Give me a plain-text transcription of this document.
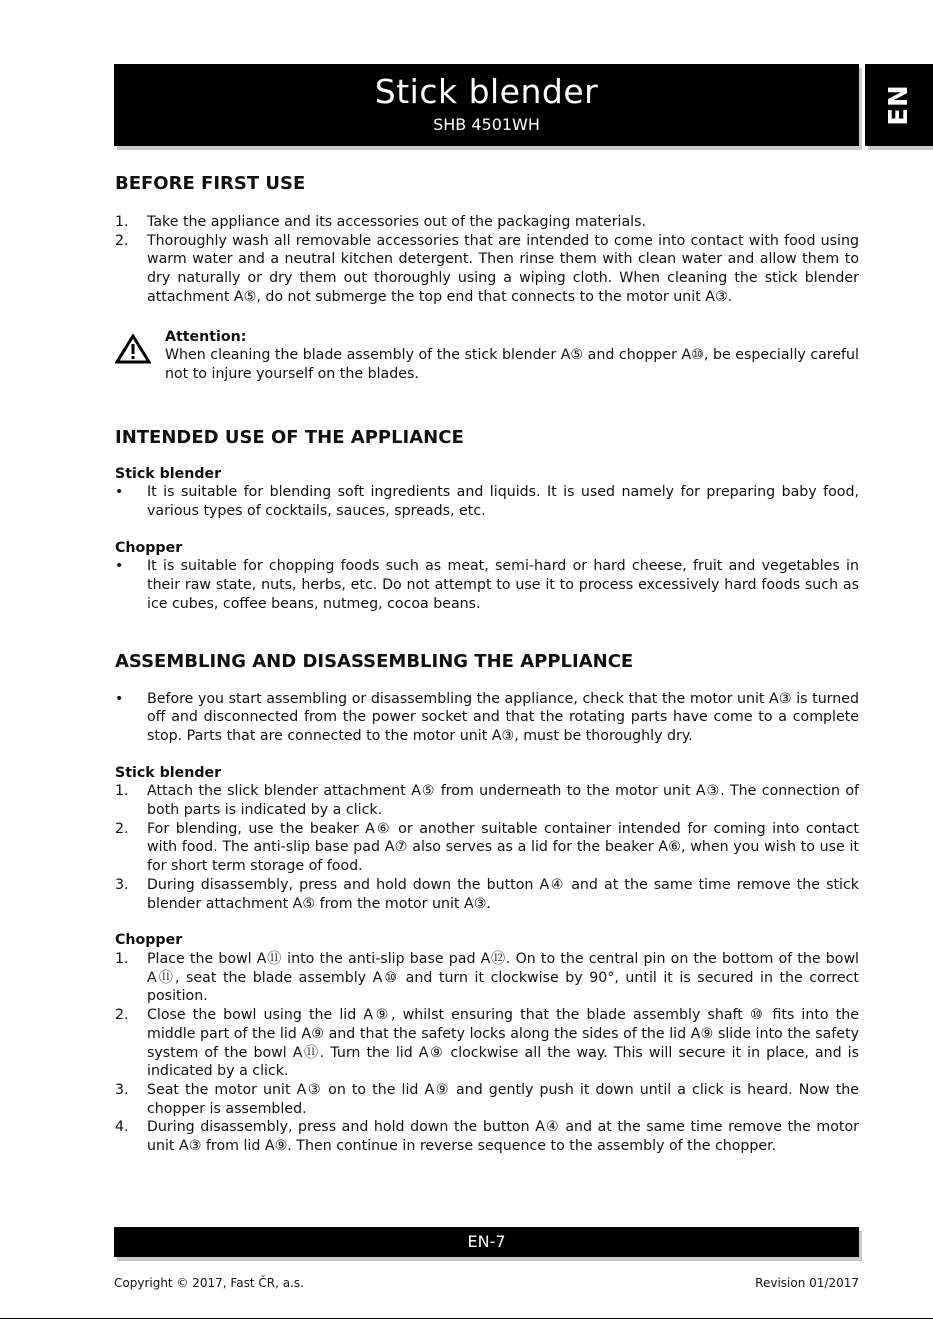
Stick blender
SHB 4501WH	EN
BEFORE FIRST USE
1. Take the appliance and its accessories out of the packaging materials.
2. Thoroughly wash all removable accessories that are intended to come into contact with food using warm water and a neutral kitchen detergent. Then rinse them with clean water and allow them to dry naturally or dry them out thoroughly using a wiping cloth. When cleaning the stick blender attachment A⑤, do not submerge the top end that connects to the motor unit A③.
Attention:
When cleaning the blade assembly of the stick blender A⑤ and chopper A⑩, be especially careful not to injure yourself on the blades.
INTENDED USE OF THE APPLIANCE
Stick blender
• It is suitable for blending soft ingredients and liquids. It is used namely for preparing baby food, various types of cocktails, sauces, spreads, etc.
Chopper
• It is suitable for chopping foods such as meat, semi-hard or hard cheese, fruit and vegetables in their raw state, nuts, herbs, etc. Do not attempt to use it to process excessively hard foods such as ice cubes, coffee beans, nutmeg, cocoa beans.
ASSEMBLING AND DISASSEMBLING THE APPLIANCE
• Before you start assembling or disassembling the appliance, check that the motor unit A③ is turned off and disconnected from the power socket and that the rotating parts have come to a complete stop. Parts that are connected to the motor unit A③, must be thoroughly dry.
Stick blender
1. Attach the slick blender attachment A⑤ from underneath to the motor unit A③. The connection of both parts is indicated by a click.
2. For blending, use the beaker A⑥ or another suitable container intended for coming into contact with food. The anti-slip base pad A⑦ also serves as a lid for the beaker A⑥, when you wish to use it for short term storage of food.
3. During disassembly, press and hold down the button A④ and at the same time remove the stick blender attachment A⑤ from the motor unit A③.
Chopper
1. Place the bowl A⑪ into the anti-slip base pad A⑫. On to the central pin on the bottom of the bowl A⑪, seat the blade assembly A⑩ and turn it clockwise by 90°, until it is secured in the correct position.
2. Close the bowl using the lid A⑨, whilst ensuring that the blade assembly shaft ⑩ fits into the middle part of the lid A⑨ and that the safety locks along the sides of the lid A⑨ slide into the safety system of the bowl A⑪. Turn the lid A⑨ clockwise all the way. This will secure it in place, and is indicated by a click.
3. Seat the motor unit A③ on to the lid A⑨ and gently push it down until a click is heard. Now the chopper is assembled.
4. During disassembly, press and hold down the button A④ and at the same time remove the motor unit A③ from lid A⑨. Then continue in reverse sequence to the assembly of the chopper.
EN-7
Copyright © 2017, Fast ČR, a.s.	Revision 01/2017
